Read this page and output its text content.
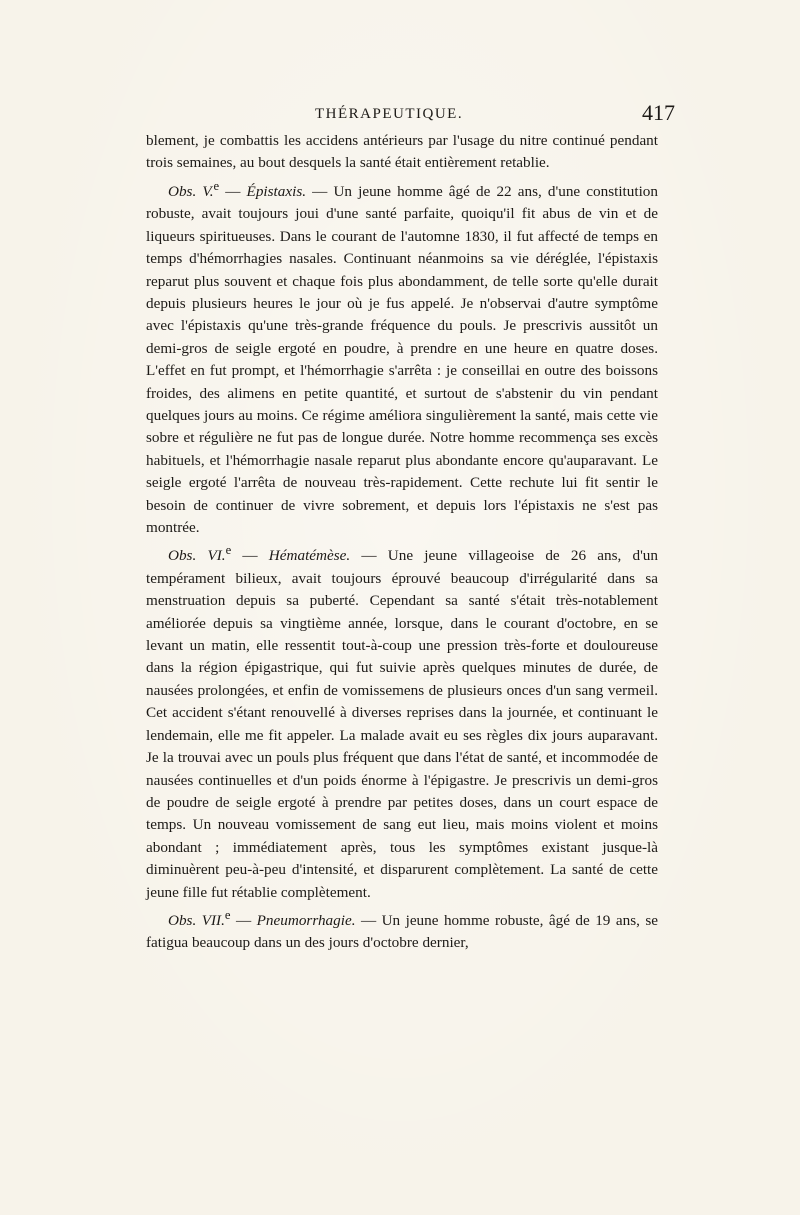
THÉRAPEUTIQUE.	417

blement, je combattis les accidens antérieurs par l'usage du nitre continué pendant trois semaines, au bout desquels la santé était entièrement retablie.

Obs. V.$^e$ — Épistaxis. — Un jeune homme âgé de 22 ans, d'une constitution robuste, avait toujours joui d'une santé parfaite, quoiqu'il fit abus de vin et de liqueurs spiritueuses. Dans le courant de l'automne 1830, il fut affecté de temps en temps d'hémorrhagies nasales. Continuant néanmoins sa vie déréglée, l'épistaxis reparut plus souvent et chaque fois plus abondamment, de telle sorte qu'elle durait depuis plusieurs heures le jour où je fus appelé. Je n'observai d'autre symptôme avec l'épistaxis qu'une très-grande fréquence du pouls. Je prescrivis aussitôt un demi-gros de seigle ergoté en poudre, à prendre en une heure en quatre doses. L'effet en fut prompt, et l'hémorrhagie s'arrêta : je conseillai en outre des boissons froides, des alimens en petite quantité, et surtout de s'abstenir du vin pendant quelques jours au moins. Ce régime améliora singulièrement la santé, mais cette vie sobre et régulière ne fut pas de longue durée. Notre homme recommença ses excès habituels, et l'hémorrhagie nasale reparut plus abondante encore qu'auparavant. Le seigle ergoté l'arrêta de nouveau très-rapidement. Cette rechute lui fit sentir le besoin de continuer de vivre sobrement, et depuis lors l'épistaxis ne s'est pas montrée.

Obs. VI.$^e$ — Hématémèse. — Une jeune villageoise de 26 ans, d'un tempérament bilieux, avait toujours éprouvé beaucoup d'irrégularité dans sa menstruation depuis sa puberté. Cependant sa santé s'était très-notablement améliorée depuis sa vingtième année, lorsque, dans le courant d'octobre, en se levant un matin, elle ressentit tout-à-coup une pression très-forte et douloureuse dans la région épigastrique, qui fut suivie après quelques minutes de durée, de nausées prolongées, et enfin de vomissemens de plusieurs onces d'un sang vermeil. Cet accident s'étant renouvellé à diverses reprises dans la journée, et continuant le lendemain, elle me fit appeler. La malade avait eu ses règles dix jours auparavant. Je la trouvai avec un pouls plus fréquent que dans l'état de santé, et incommodée de nausées continuelles et d'un poids énorme à l'épigastre. Je prescrivis un demi-gros de poudre de seigle ergoté à prendre par petites doses, dans un court espace de temps. Un nouveau vomissement de sang eut lieu, mais moins violent et moins abondant ; immédiatement après, tous les symptômes existant jusque-là diminuèrent peu-à-peu d'intensité, et disparurent complètement. La santé de cette jeune fille fut rétablie complètement.

Obs. VII.$^e$ — Pneumorrhagie. — Un jeune homme robuste, âgé de 19 ans, se fatigua beaucoup dans un des jours d'octobre dernier,
